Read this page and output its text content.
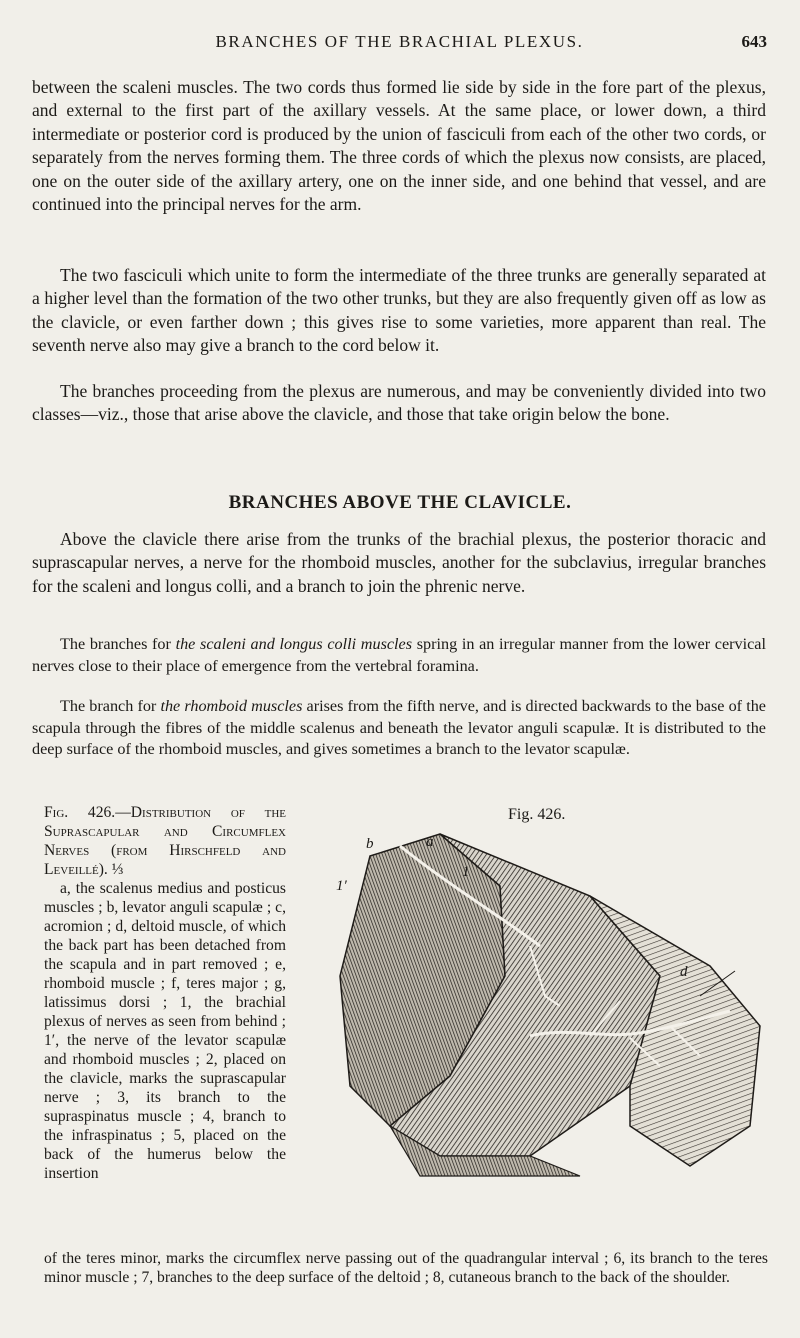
BRANCHES OF THE BRACHIAL PLEXUS.	643

between the scaleni muscles. The two cords thus formed lie side by side in the fore part of the plexus, and external to the first part of the axillary vessels. At the same place, or lower down, a third intermediate or posterior cord is produced by the union of fasciculi from each of the other two cords, or separately from the nerves forming them. The three cords of which the plexus now consists, are placed, one on the outer side of the axillary artery, one on the inner side, and one behind that vessel, and are continued into the principal nerves for the arm.

The two fasciculi which unite to form the intermediate of the three trunks are generally separated at a higher level than the formation of the two other trunks, but they are also frequently given off as low as the clavicle, or even farther down ; this gives rise to some varieties, more apparent than real. The seventh nerve also may give a branch to the cord below it.

The branches proceeding from the plexus are numerous, and may be conveniently divided into two classes—viz., those that arise above the clavicle, and those that take origin below the bone.

BRANCHES ABOVE THE CLAVICLE.

Above the clavicle there arise from the trunks of the brachial plexus, the posterior thoracic and suprascapular nerves, a nerve for the rhomboid muscles, another for the subclavius, irregular branches for the scaleni and longus colli, and a branch to join the phrenic nerve.

The branches for the scaleni and longus colli muscles spring in an irregular manner from the lower cervical nerves close to their place of emergence from the vertebral foramina.

The branch for the rhomboid muscles arises from the fifth nerve, and is directed backwards to the base of the scapula through the fibres of the middle scalenus and beneath the levator anguli scapulæ. It is distributed to the deep surface of the rhomboid muscles, and gives sometimes a branch to the levator scapulæ.

Fig. 426.—Distribution of the Suprascapular and Circumflex Nerves (from Hirschfeld and Leveillé). ⅓

a, the scalenus medius and posticus muscles ; b, levator anguli scapulæ ; c, acromion ; d, deltoid muscle, of which the back part has been detached from the scapula and in part removed ; e, rhomboid muscle ; f, teres major ; g, latissimus dorsi ; 1, the brachial plexus of nerves as seen from behind ; 1′, the nerve of the levator scapulæ and rhomboid muscles ; 2, placed on the clavicle, marks the suprascapular nerve ; 3, its branch to the supraspinatus muscle ; 4, branch to the infraspinatus ; 5, placed on the back of the humerus below the insertion

Fig. 426.
b	a
1′
1
d

of the teres minor, marks the circumflex nerve passing out of the quadrangular interval ; 6, its branch to the teres minor muscle ; 7, branches to the deep surface of the deltoid ; 8, cutaneous branch to the back of the shoulder.
